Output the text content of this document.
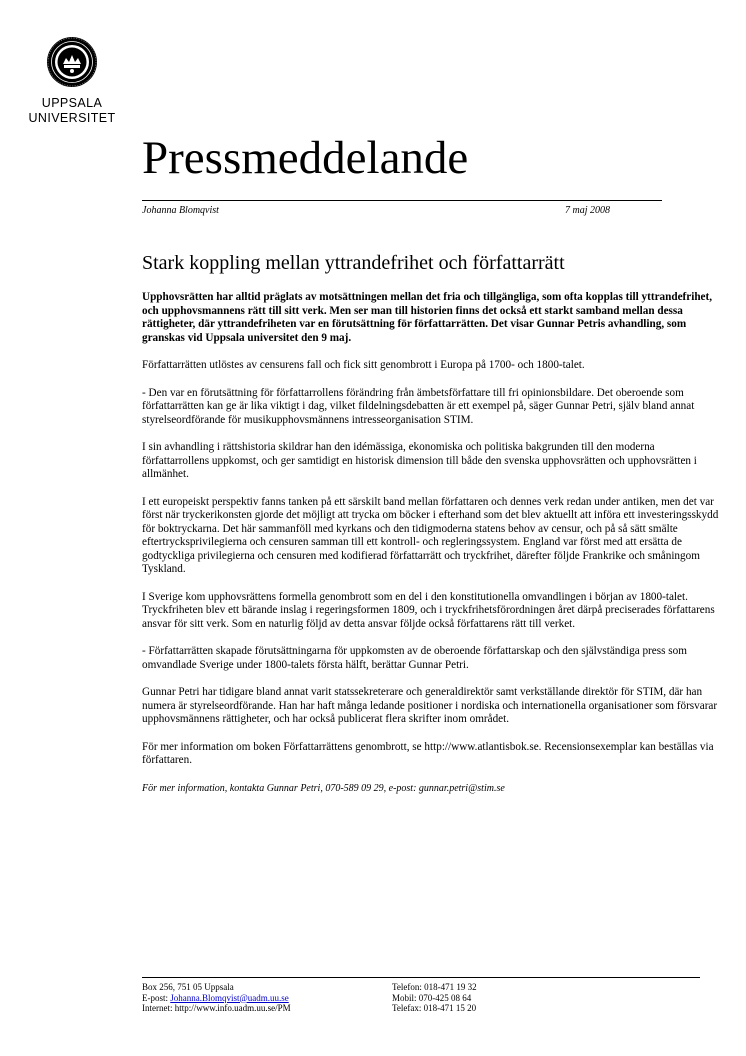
UPPSALA
UNIVERSITET
Pressmeddelande
Johanna Blomqvist	7 maj 2008
Stark koppling mellan yttrandefrihet och författarrätt

Upphovsrätten har alltid präglats av motsättningen mellan det fria och tillgängliga, som ofta kopplas till yttrandefrihet, och upphovsmannens rätt till sitt verk. Men ser man till historien finns det också ett starkt samband mellan dessa rättigheter, där yttrandefriheten var en förutsättning för författarrätten. Det visar Gunnar Petris avhandling, som granskas vid Uppsala universitet den 9 maj.

Författarrätten utlöstes av censurens fall och fick sitt genombrott i Europa på 1700- och 1800-talet.

- Den var en förutsättning för författarrollens förändring från ämbetsförfattare till fri opinionsbildare. Det oberoende som författarrätten kan ge är lika viktigt i dag, vilket fildelningsdebatten är ett exempel på, säger Gunnar Petri, själv bland annat styrelseordförande för musikupphovsmännens intresseorganisation STIM.

I sin avhandling i rättshistoria skildrar han den idémässiga, ekonomiska och politiska bakgrunden till den moderna författarrollens uppkomst, och ger samtidigt en historisk dimension till både den svenska upphovsrätten och upphovsrätten i allmänhet.

I ett europeiskt perspektiv fanns tanken på ett särskilt band mellan författaren och dennes verk redan under antiken, men det var först när tryckerikonsten gjorde det möjligt att trycka om böcker i efterhand som det blev aktuellt att införa ett investeringsskydd för boktryckarna. Det här sammanföll med kyrkans och den tidigmoderna statens behov av censur, och på så sätt smälte eftertrycksprivilegierna och censuren samman till ett kontroll- och regleringssystem. England var först med att ersätta de godtyckliga privilegierna och censuren med kodifierad författarrätt och tryckfrihet, därefter följde Frankrike och småningom Tyskland.

I Sverige kom upphovsrättens formella genombrott som en del i den konstitutionella omvandlingen i början av 1800-talet. Tryckfriheten blev ett bärande inslag i regeringsformen 1809, och i tryckfrihetsförordningen året därpå preciserades författarens ansvar för sitt verk. Som en naturlig följd av detta ansvar följde också författarens rätt till verket.

- Författarrätten skapade förutsättningarna för uppkomsten av de oberoende författarskap och den självständiga press som omvandlade Sverige under 1800-talets första hälft, berättar Gunnar Petri.

Gunnar Petri har tidigare bland annat varit statssekreterare och generaldirektör samt verkställande direktör för STIM, där han numera är styrelseordförande. Han har haft många ledande positioner i nordiska och internationella organisationer som försvarar upphovsmännens rättigheter, och har också publicerat flera skrifter inom området.

För mer information om boken Författarrättens genombrott, se http://www.atlantisbok.se. Recensionsexemplar kan beställas via författaren.

För mer information, kontakta Gunnar Petri, 070-589 09 29, e-post: gunnar.petri@stim.se

Box 256, 751 05 Uppsala
E-post: Johanna.Blomqvist@uadm.uu.se
Internet: http://www.info.uadm.uu.se/PM
Telefon: 018-471 19 32
Mobil: 070-425 08 64
Telefax: 018-471 15 20
